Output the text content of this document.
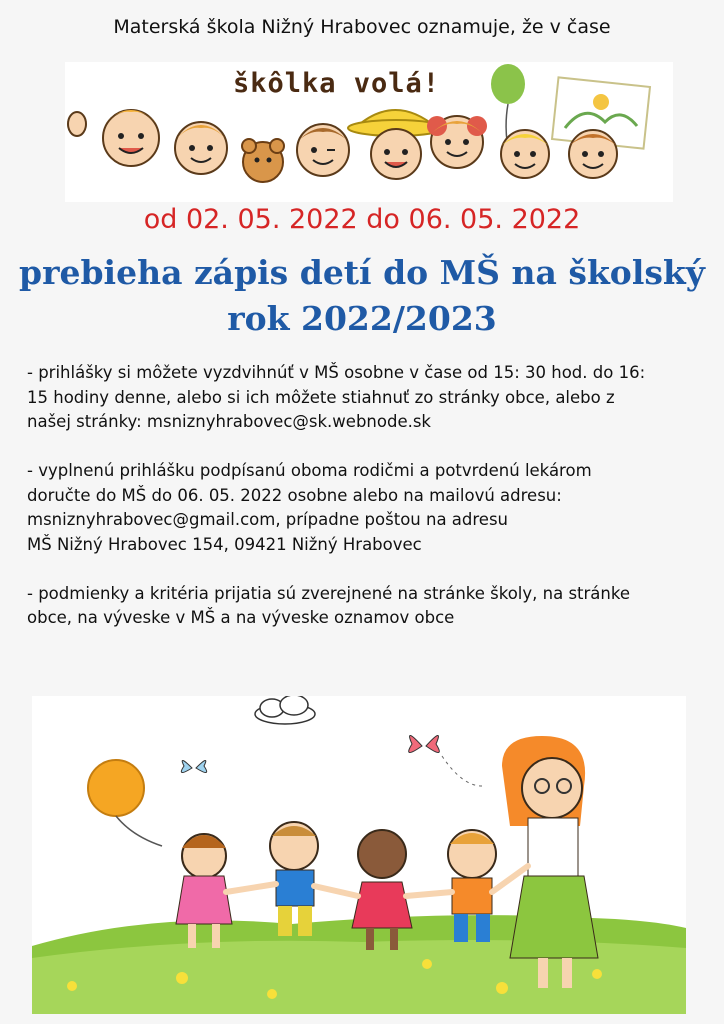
Materská škola Nižný Hrabovec oznamuje, že v čase
škôlka volá!
od 02. 05. 2022 do 06. 05. 2022
prebieha zápis detí do MŠ na školský
rok 2022/2023

- prihlášky si môžete vyzdvihnúť v MŠ osobne v čase od 15: 30 hod. do 16:
15 hodiny denne, alebo si ich môžete stiahnuť zo stránky obce, alebo z
našej stránky: msniznyhrabovec@sk.webnode.sk

- vyplnenú prihlášku podpísanú oboma rodičmi a potvrdenú lekárom
doručte do MŠ do 06. 05. 2022 osobne alebo na mailovú adresu:
msniznyhrabovec@gmail.com, prípadne poštou na adresu
MŠ Nižný Hrabovec 154, 09421 Nižný Hrabovec

- podmienky a kritéria prijatia sú zverejnené na stránke školy, na stránke
obce, na výveske v MŠ a na výveske oznamov obce
